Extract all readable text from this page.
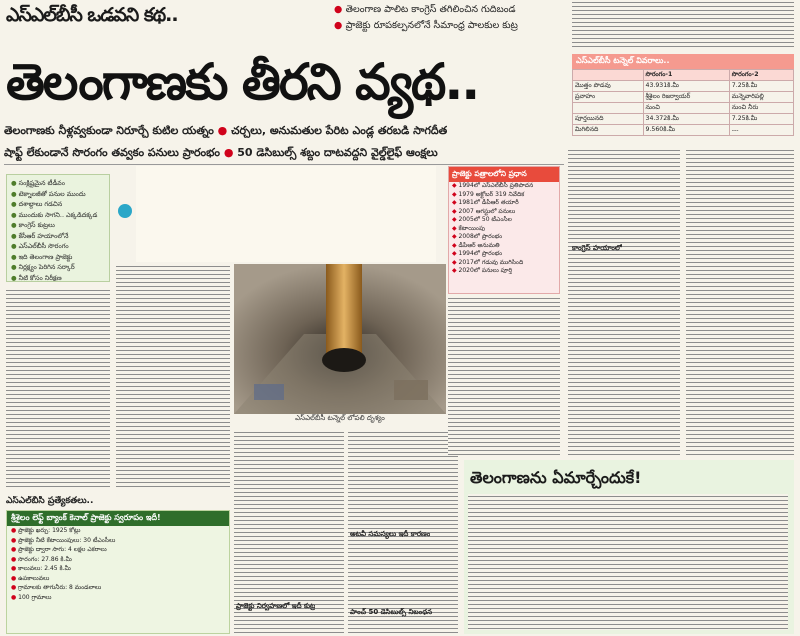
ఎస్‌ఎల్‌బీసీ ఒడవని కథ..	● తెలంగాణ పాలిట కాంగ్రెస్‌ తగిలించిన గుదిబండ
● ప్రాజెక్టు రూపకల్పనలోనే సీమాంధ్ర పాలకుల కుట్ర
తెలంగాణకు తీరని వ్యథ..
తెలంగాణకు నీళ్లవ్వకుండా నిరూర్చే కుటిల యత్నం ● చర్చలు, అనుమతుల పేరిట ఎండ్ల తరబడి సాగదీత
షాఫ్ట్‌ లేకుండానే సొరంగం తవ్వకం పనులు ప్రారంభం ● 50 డెసిబుల్స్‌ శబ్దం దాటవద్దని వైల్డ్‌లైఫ్‌ ఆంక్షలు
ఎస్‌ఎల్‌బీసీ టన్నెల్‌ వివరాలు..
	సొరంగం-1	సొరంగం-2
మొత్తం పొడవు	43.931కి.మీ	7.25కి.మీ
ప్రవాహం	శ్రీశైలం రిజర్వాయర్‌	మన్నెవారిపల్లి
	నుంచి	నుంచి నీరు
పూర్తయినది	34.372కి.మీ	7.25కి.మీ
మిగిలినది	9.560కి.మీ	---
● సంక్లిష్టమైన టీడీవం
● టెక్నాలజీతో పనుల ముందు
● దశాబ్దాలు గడచిన
● ముందుకు సాగని.. ఎక్కడిదక్కడ
● కాంగ్రెస్‌ కుట్రలు
● కేసీఆర్‌ హయాంలోనే
● ఎస్‌ఎల్‌బీసీ సొరంగం
● ఇది తెలంగాణ ప్రాజెక్టు
● నిర్లక్ష్యం పెరిగిన సర్కార్‌
● నీటి కోసం నిరీక్షణ
ప్రాజెక్టు నిర్వహణలో ఇదీ కుట్ర
కాంగ్రెస్‌ హయాంలో
పాంచ్‌ 50 డెసిబుల్స్‌ నిబంధన
అటవీ సమస్యలు ఇదీ కారణం
ప్రాజెక్టు పత్రాలలోని ప్రధాన
◆ 1994లో ఎస్‌ఎల్‌బీసీ ప్రతిపాదన
◆ 1979 అక్టోబర్‌ 319 నివేదిక
◆ 1981లో డీపీఆర్‌ తయారీ
◆ 2007 ఆగస్టులో పనులు
◆ 2005లో 50 టీఎంసీల
◆ కేటాయింపు
◆ 2008లో ప్రారంభం
◆ డీపీఆర్‌ అనుమతి
◆ 1994లో ప్రారంభం
◆ 2017లో గడువు ముగిసింది
◆ 2020లో పనులు పూర్తి
ఎస్‌ఎల్‌బీసీ టన్నెల్‌ లోపలి దృశ్యం
ఎస్‌ఎల్‌బీసీ ప్రత్యేకతలు..
శ్రీశైలం లెఫ్ట్‌ బ్యాంక్‌ కెనాల్‌ ప్రాజెక్టు స్వరూపం ఇదీ!
● ప్రాజెక్టు ఖర్చు: 1925 కోట్లు
● ప్రాజెక్టు నీటి కేటాయింపులు: 30 టీఎంసీలు
● ప్రాజెక్టు ద్వారా సాగు: 4 లక్షల ఎకరాలు
● సొరంగం: 27.86 కి.మీ
● కాలువలు: 2.45 కి.మీ
● ఉపకాలువలు
● గ్రామాలకు తాగునీరు: 8 మండలాలు
● 100 గ్రామాలు
తెలంగాణను ఏమార్చేందుకే!
